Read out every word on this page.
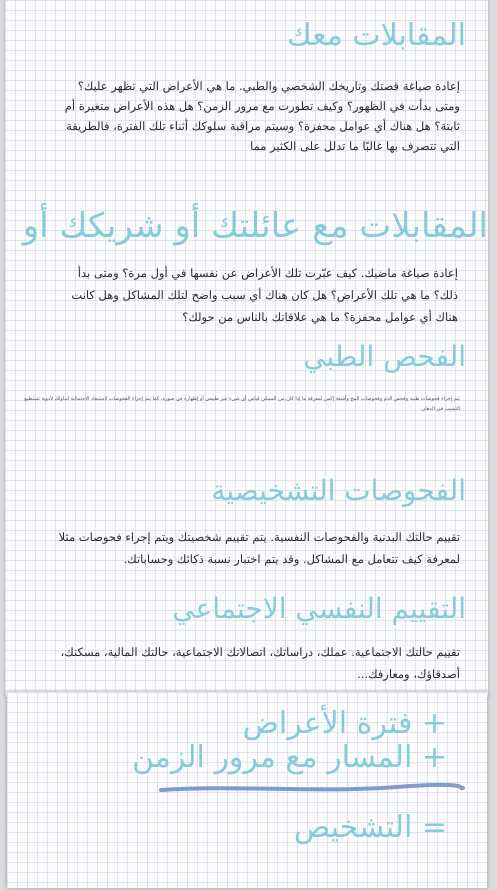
المقابلات معك

إعادة صياغة قصتك وتاريخك الشخصي والطبي. ما هي الأعراض التي تظهر عليك؟ ومتى بدأت في الظهور؟ وكيف تطورت مع مرور الزمن؟ هل هذه الأعراض متغيرة أم ثابتة؟ هل هناك أي عوامل محفزة؟ وسيتم مراقبة سلوكك أثناء تلك الفترة، فالطريقة التي تتصرف بها غالبًا ما تدلل على الكثير مما

المقابلات مع عائلتك أو شريكك أو

إعادة صياغة ماضيك. كيف عبّرت تلك الأعراض عن نفسها في أول مرة؟ ومتى بدأ ذلك؟ ما هي تلك الأعراض؟ هل كان هناك أي سبب واضح لتلك المشاكل وهل كانت هناك أي عوامل محفزة؟ ما هي علاقاتك بالناس من حولك؟

الفحص الطبي

يتم إجراء فحوصات طبية وفحص الدم وفحوصات المخ وأشعة إكس لمعرفة ما إذا كان من الممكن قياس أي شيء غير طبيعي أو إظهاره في صورة، كما يتم إجراء الفحوصات لاستبعاد الاحتمالية لتناولك لأدوية تستطيع التسبب في الذهان.

الفحوصات التشخيصية

تقييم حالتك البدنية والفحوصات النفسية. يتم تقييم شخصيتك ويتم إجراء فحوصات مثلا لمعرفة كيف تتعامل مع المشاكل. وقد يتم اختبار نسبة ذكائك وحساباتك.

التقييم النفسي الاجتماعي

تقييم حالتك الاجتماعية. عملك، دراساتك، اتصالاتك الاجتماعية، حالتك المالية، مسكنك، أصدقاؤك، ومعارفك...

+ فترة الأعراض
+ المسار مع مرور الزمن
= التشخيص
